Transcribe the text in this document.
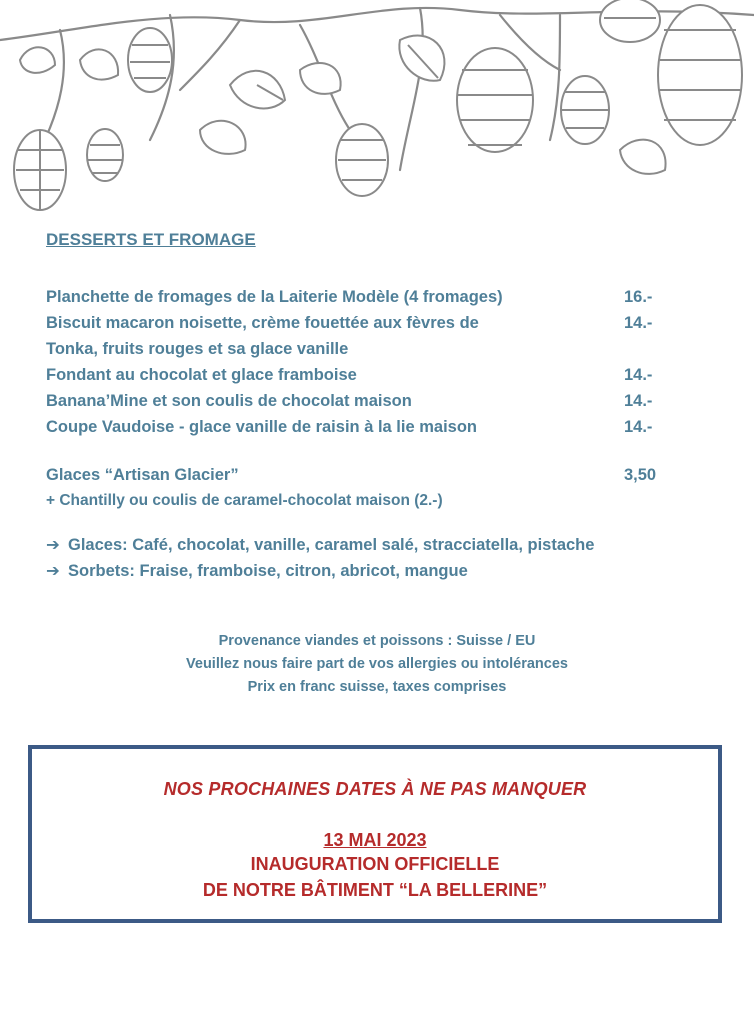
DESSERTS ET FROMAGE
Planchette de fromages de la Laiterie Modèle (4 fromages)	16.-
Biscuit macaron noisette, crème fouettée aux fèvres de	14.-
Tonka, fruits rouges et sa glace vanille
Fondant au chocolat et glace framboise	14.-
Banana’Mine et son coulis de chocolat maison	14.-
Coupe Vaudoise - glace vanille de raisin à la lie maison	14.-
Glaces “Artisan Glacier”	3,50
+ Chantilly ou coulis de caramel-chocolat maison (2.-)
➔ Glaces: Café, chocolat, vanille, caramel salé, stracciatella, pistache
➔ Sorbets: Fraise, framboise, citron, abricot, mangue
Provenance viandes et poissons : Suisse / EU
Veuillez nous faire part de vos allergies ou intolérances
Prix en franc suisse, taxes comprises
NOS PROCHAINES DATES À NE PAS MANQUER
13 MAI 2023
INAUGURATION OFFICIELLE
DE NOTRE BÂTIMENT “LA BELLERINE”
